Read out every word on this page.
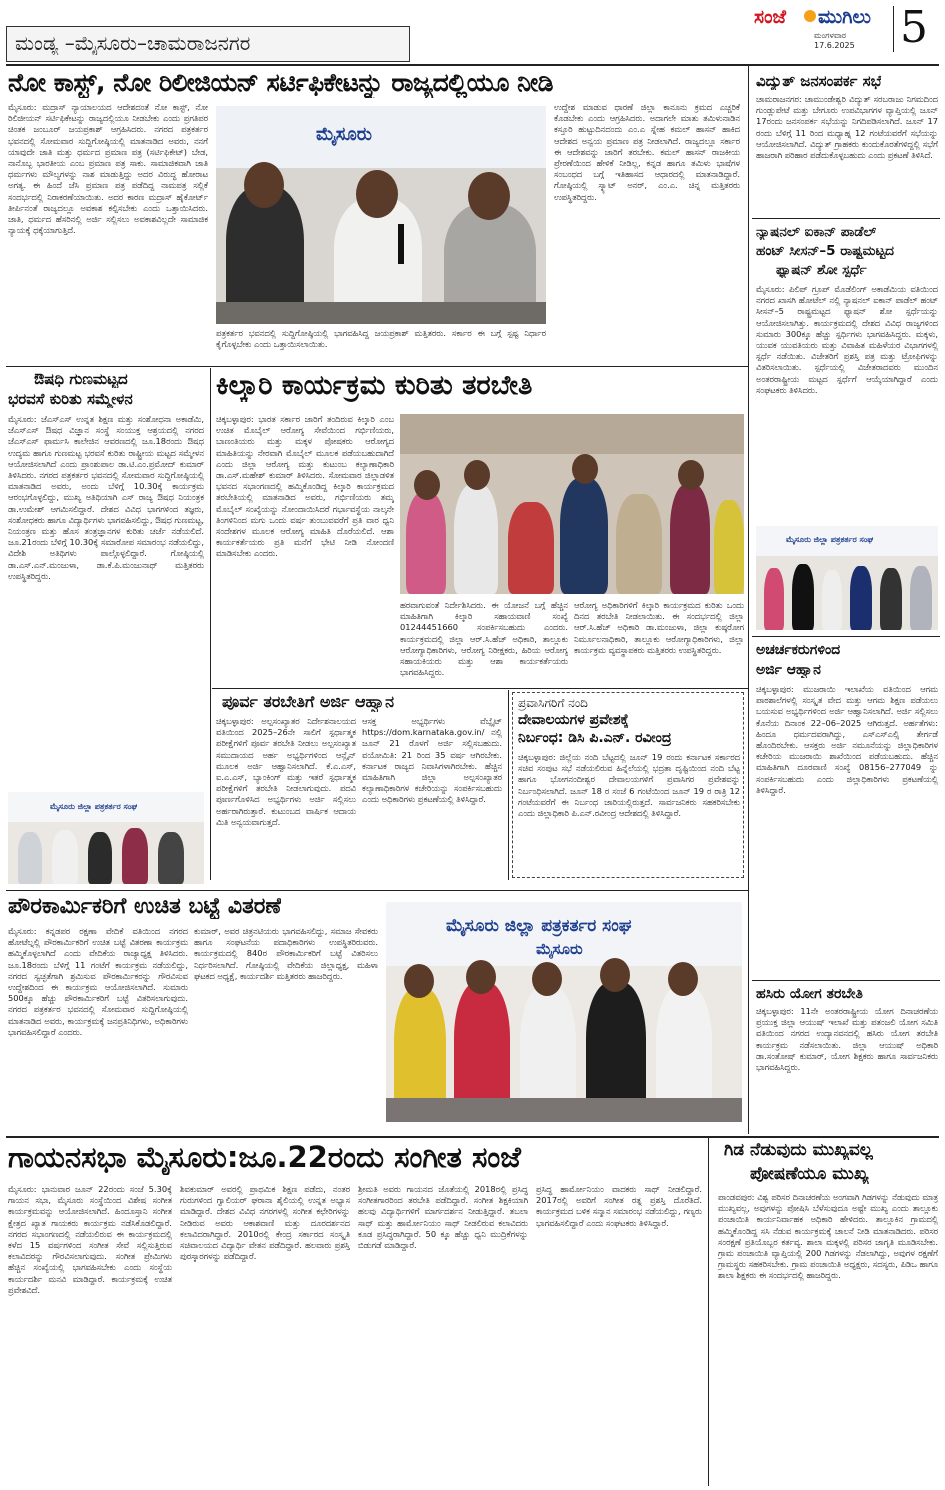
ಮಂಡ್ಯ –ಮೈಸೂರು–ಚಾಮರಾಜನಗರ
ಸಂಜೆ ಮುಗಿಲು
ಮಂಗಳವಾರ
17.6.2025 5
ನೋ ಕಾಸ್ಟ್, ನೋ ರಿಲೀಜಿಯನ್ ಸರ್ಟಿಫಿಕೇಟನ್ನು ರಾಜ್ಯದಲ್ಲಿಯೂ ನೀಡಿ
ಮೈಸೂರು: ಮದ್ರಾಸ್ ನ್ಯಾಯಾಲಯದ ಆದೇಶದಂತೆ ನೋ ಕಾಸ್ಟ್, ನೋ ರಿಲಿಜೀಯನ್ ಸರ್ಟಿಫಿಕೇಟನ್ನು ರಾಜ್ಯದಲ್ಲಿಯೂ ನೀಡಬೇಕು ಎಂದು ಪ್ರಗತಿಪರ ಚಿಂತಕ ಜಂಬೂರ್ ಜಯಪ್ರಕಾಶ್ ಆಗ್ರಹಿಸಿದರು. ನಗರದ ಪತ್ರಕರ್ತರ ಭವನದಲ್ಲಿ ಸೋಮವಾರ ಸುದ್ದಿಗೋಷ್ಠಿಯಲ್ಲಿ ಮಾತನಾಡಿದ ಅವರು, ನನಗೆ ಯಾವುದೇ ಜಾತಿ ಮತ್ತು ಧರ್ಮದ ಪ್ರಮಾಣ ಪತ್ರ (ಸರ್ಟಿಫಿಕೇಟ್) ಬೇಡ, ನಾನೊಬ್ಬ ಭಾರತೀಯ ಎಂಬ ಪ್ರಮಾಣ ಪತ್ರ ಸಾಕು. ಸಾಮಾಜಿಕವಾಗಿ ಜಾತಿ ಧರ್ಮಗಳು ಮೌಲ್ಯಗಳನ್ನು ನಾಶ ಮಾಡುತ್ತಿದ್ದು ಅದರ ವಿರುದ್ಧ ಹೋರಾಟ ಅಗತ್ಯ. ಈ ಹಿಂದೆ ಜೆಸಿ ಪ್ರಮಾಣ ಪತ್ರ ಪಡೆದಿದ್ದ ನಾಮಪತ್ರ ಸಲ್ಲಿಕೆ ಸಂದರ್ಭದಲ್ಲಿ ನಿರಾಕರಣೆಯಾಯಿತು. ಅದರ ಕಾರಣ ಮದ್ರಾಸ್ ಹೈಕೋರ್ಟ್ ತೀರ್ಪಿನಂತೆ ರಾಜ್ಯದಲ್ಲೂ ಅವಕಾಶ ಕಲ್ಪಿಸಬೇಕು ಎಂದು ಒತ್ತಾಯಿಸಿದರು. ಜಾತಿ, ಧರ್ಮದ ಹೆಸರಿನಲ್ಲಿ ಅರ್ಜಿ ಸಲ್ಲಿಸಲು ಅವಕಾಶವಿಲ್ಲದೇ ಸಾಮಾಜಿಕ ನ್ಯಾಯಕ್ಕೆ ಧಕ್ಕೆಯಾಗುತ್ತಿದೆ.
ಮೈಸೂರು
ಪತ್ರಕರ್ತರ ಭವನದಲ್ಲಿ ಸುದ್ದಿಗೋಷ್ಠಿಯಲ್ಲಿ ಭಾಗವಹಿಸಿದ್ದ ಜಯಪ್ರಕಾಶ್ ಮತ್ತಿತರರು. ಸರ್ಕಾರ ಈ ಬಗ್ಗೆ ಸ್ಪಷ್ಟ ನಿರ್ಧಾರ ಕೈಗೊಳ್ಳಬೇಕು ಎಂದು ಒತ್ತಾಯಿಸಲಾಯಿತು.
ಉದ್ದೇಶ ಮಾಡುವ ಧಾರಣೆ ಜಿಲ್ಲಾ ಕಾನೂನು ಕ್ರಮದ ಎಚ್ಚರಿಕೆ ಕೊಡಬೇಕು ಎಂದು ಆಗ್ರಹಿಸಿದರು. ಅದಾಗಲೇ ಮಾತು ತಮಿಳುನಾಡಿನ ಕಸ್ತೂರಿ ಹುಟ್ಟುದಿನದಂದು ಎಂ.ಎ ಸ್ನೇಹ ಕಮಲ್ ಹಾಸನ್ ಹಾಕಿದ ಆದೇಶದ ಅನ್ವಯ ಪ್ರಮಾಣ ಪತ್ರ ನೀಡಲಾಗಿದೆ. ರಾಜ್ಯದಲ್ಲೂ ಸರ್ಕಾರ ಈ ಆದೇಶವನ್ನು ಜಾರಿಗೆ ತರಬೇಕು. ಕಮಲ್ ಹಾಸನ್ ರಾಜಕೀಯ ಪ್ರೇರಣೆಯಿಂದ ಹೇಳಿಕೆ ನೀಡಿಲ್ಲ, ಕನ್ನಡ ಹಾಗೂ ತಮಿಳು ಭಾಷೆಗಳ ಸಂಬಂಧದ ಬಗ್ಗೆ ಇತಿಹಾಸದ ಆಧಾರದಲ್ಲಿ ಮಾತನಾಡಿದ್ದಾರೆ. ಗೋಷ್ಠಿಯಲ್ಲಿ ಸ್ಕ್ಯಾಟ್ ಅನರ್, ಎಂ.ಎ. ಚಿನ್ನ ಮತ್ತಿತರರು ಉಪಸ್ಥಿತರಿದ್ದರು.
ವಿದ್ಯುತ್ ಜನಸಂಪರ್ಕ ಸಭೆ
ಚಾಮರಾಜನಗರ: ಚಾಮುಂಡೇಶ್ವರಿ ವಿದ್ಯುತ್ ಸರಬರಾಜು ನಿಗಮದಿಂದ ಗುಂಡ್ಲುಪೇಟೆ ಮತ್ತು ಬೇಗೂರು ಉಪವಿಭಾಗಗಳ ವ್ಯಾಪ್ತಿಯಲ್ಲಿ ಜೂನ್ 17ರಂದು ಜನಸಂಪರ್ಕ ಸಭೆಯನ್ನು ನಿಗದಿಪಡಿಸಲಾಗಿದೆ. ಜೂನ್ 17 ರಂದು ಬೆಳಿಗ್ಗೆ 11 ರಿಂದ ಮಧ್ಯಾಹ್ನ 12 ಗಂಟೆಯವರೆಗೆ ಸಭೆಯನ್ನು ಆಯೋಜಿಸಲಾಗಿದೆ. ವಿದ್ಯುತ್ ಗ್ರಾಹಕರು ಕುಂದುಕೊರತೆಗಳಿದ್ದಲ್ಲಿ ಸಭೆಗೆ ಹಾಜರಾಗಿ ಪರಿಹಾರ ಪಡೆದುಕೊಳ್ಳಬಹುದು ಎಂದು ಪ್ರಕಟಣೆ ತಿಳಿಸಿದೆ.
ನ್ಯಾಷನಲ್ ಐಕಾನ್ ಪಾಡೆಲ್
ಹಂಟ್ ಸೀಸನ್–5 ರಾಷ್ಟ್ರಮಟ್ಟದ
ಫ್ಯಾಷನ್ ಶೋ ಸ್ಪರ್ಧೆ
ಮೈಸೂರು: ಪಿಲಿಪ್ ಗ್ರೂಪ್ ಮೊಡೆಲಿಂಗ್ ಅಕಾಡೆಮಿಯ ವತಿಯಿಂದ ನಗರದ ಖಾಸಗಿ ಹೋಟೆಲ್ ನಲ್ಲಿ ನ್ಯಾಷನಲ್ ಐಕಾನ್ ಪಾಡೆಲ್ ಹಂಟ್ ಸೀಸನ್–5 ರಾಷ್ಟ್ರಮಟ್ಟದ ಫ್ಯಾಷನ್ ಶೋ ಸ್ಪರ್ಧೆಯನ್ನು ಆಯೋಜಿಸಲಾಗಿತ್ತು. ಕಾರ್ಯಕ್ರಮದಲ್ಲಿ ದೇಶದ ವಿವಿಧ ರಾಜ್ಯಗಳಿಂದ ಸುಮಾರು 300ಕ್ಕೂ ಹೆಚ್ಚು ಸ್ಪರ್ಧಿಗಳು ಭಾಗವಹಿಸಿದ್ದರು. ಮಕ್ಕಳು, ಯುವಕ ಯುವತಿಯರು ಮತ್ತು ವಿವಾಹಿತ ಮಹಿಳೆಯರ ವಿಭಾಗಗಳಲ್ಲಿ ಸ್ಪರ್ಧೆ ನಡೆಯಿತು. ವಿಜೇತರಿಗೆ ಪ್ರಶಸ್ತಿ ಪತ್ರ ಮತ್ತು ಟ್ರೋಫಿಗಳನ್ನು ವಿತರಿಸಲಾಯಿತು. ಸ್ಪರ್ಧೆಯಲ್ಲಿ ವಿಜೇತರಾದವರು ಮುಂದಿನ ಅಂತರರಾಷ್ಟ್ರೀಯ ಮಟ್ಟದ ಸ್ಪರ್ಧೆಗೆ ಆಯ್ಕೆಯಾಗಿದ್ದಾರೆ ಎಂದು ಸಂಘಟಕರು ತಿಳಿಸಿದರು.
ಮೈಸೂರು ಜಿಲ್ಲಾ ಪತ್ರಕರ್ತರ ಸಂಘ
ಅಚರ್ಚಕರುಗಳಿಂದ
ಅರ್ಜಿ ಆಹ್ವಾನ
ಚಿಕ್ಕಬಳ್ಳಾಪುರ: ಮುಜರಾಯಿ ಇಲಾಖೆಯ ವತಿಯಿಂದ ಆಗಮ ಪಾಠಶಾಲೆಗಳಲ್ಲಿ ಸಂಸ್ಕೃತ ವೇದ ಮತ್ತು ಆಗಮ ಶಿಕ್ಷಣ ಪಡೆಯಲು ಬಯಸುವ ಅಭ್ಯರ್ಥಿಗಳಿಂದ ಅರ್ಜಿ ಆಹ್ವಾನಿಸಲಾಗಿದೆ. ಅರ್ಜಿ ಸಲ್ಲಿಸಲು ಕೊನೆಯ ದಿನಾಂಕ 22–06–2025 ಆಗಿರುತ್ತದೆ. ಅರ್ಹತೆಗಳು: ಹಿಂದೂ ಧರ್ಮದವರಾಗಿದ್ದು, ಎಸ್ಎಸ್ಎಲ್ಸಿ ತೇರ್ಗಡೆ ಹೊಂದಿರಬೇಕು. ಆಸಕ್ತರು ಅರ್ಜಿ ನಮೂನೆಯನ್ನು ಜಿಲ್ಲಾಧಿಕಾರಿಗಳ ಕಚೇರಿಯ ಮುಜರಾಯಿ ಶಾಖೆಯಿಂದ ಪಡೆಯಬಹುದು. ಹೆಚ್ಚಿನ ಮಾಹಿತಿಗಾಗಿ ದೂರವಾಣಿ ಸಂಖ್ಯೆ 08156–277049 ನ್ನು ಸಂಪರ್ಕಿಸಬಹುದು ಎಂದು ಜಿಲ್ಲಾಧಿಕಾರಿಗಳು ಪ್ರಕಟಣೆಯಲ್ಲಿ ತಿಳಿಸಿದ್ದಾರೆ.
ಹಸಿರು ಯೋಗ ತರಬೇತಿ
ಚಿಕ್ಕಬಳ್ಳಾಪುರ: 11ನೇ ಅಂತರರಾಷ್ಟ್ರೀಯ ಯೋಗ ದಿನಾಚರಣೆಯ ಪ್ರಯುಕ್ತ ಜಿಲ್ಲಾ ಆಯುಷ್ ಇಲಾಖೆ ಮತ್ತು ಪತಂಜಲಿ ಯೋಗ ಸಮಿತಿ ವತಿಯಿಂದ ನಗರದ ಉದ್ಯಾನವನದಲ್ಲಿ ಹಸಿರು ಯೋಗ ತರಬೇತಿ ಕಾರ್ಯಕ್ರಮ ನಡೆಸಲಾಯಿತು. ಜಿಲ್ಲಾ ಆಯುಷ್ ಅಧಿಕಾರಿ ಡಾ.ಸಂತೋಷ್ ಕುಮಾರ್, ಯೋಗ ಶಿಕ್ಷಕರು ಹಾಗೂ ಸಾರ್ವಜನಿಕರು ಭಾಗವಹಿಸಿದ್ದರು.
ಔಷಧಿ ಗುಣಮಟ್ಟದ
ಭರವಸೆ ಕುರಿತು ಸಮ್ಮೇಳನ
ಮೈಸೂರು: ಜೆಎಸ್ಎಸ್ ಉನ್ನತ ಶಿಕ್ಷಣ ಮತ್ತು ಸಂಶೋಧನಾ ಅಕಾಡೆಮಿ, ಜೆಎಸ್ಎಸ್ ಔಷಧ ವಿಜ್ಞಾನ ಸಂಸ್ಥೆ ಸಂಯುಕ್ತ ಆಶ್ರಯದಲ್ಲಿ ನಗರದ ಜೆಎಸ್ಎಸ್ ಫಾರ್ಮಸಿ ಕಾಲೇಜಿನ ಆವರಣದಲ್ಲಿ ಜೂ.18ರಂದು ಔಷಧ ಉದ್ಯಮ ಹಾಗೂ ಗುಣಮಟ್ಟ ಭರವಸೆ ಕುರಿತು ರಾಷ್ಟ್ರೀಯ ಮಟ್ಟದ ಸಮ್ಮೇಳನ ಆಯೋಜಿಸಲಾಗಿದೆ ಎಂದು ಪ್ರಾಂಶುಪಾಲ ಡಾ.ಟಿ.ಎಂ.ಪ್ರಮೋದ್ ಕುಮಾರ್ ತಿಳಿಸಿದರು. ನಗರದ ಪತ್ರಕರ್ತರ ಭವನದಲ್ಲಿ ಸೋಮವಾರ ಸುದ್ದಿಗೋಷ್ಠಿಯಲ್ಲಿ ಮಾತನಾಡಿದ ಅವರು, ಅಂದು ಬೆಳಿಗ್ಗೆ 10.30ಕ್ಕೆ ಕಾರ್ಯಕ್ರಮ ಆರಂಭಗೊಳ್ಳಲಿದ್ದು, ಮುಖ್ಯ ಅತಿಥಿಯಾಗಿ ಎಸ್ ರಾಜ್ಯ ಔಷಧ ನಿಯಂತ್ರಕ ಡಾ.ಉಮೇಶ್ ಆಗಮಿಸಲಿದ್ದಾರೆ. ದೇಶದ ವಿವಿಧ ಭಾಗಗಳಿಂದ ತಜ್ಞರು, ಸಂಶೋಧಕರು ಹಾಗೂ ವಿದ್ಯಾರ್ಥಿಗಳು ಭಾಗವಹಿಸಲಿದ್ದು, ಔಷಧ ಗುಣಮಟ್ಟ, ನಿಯಂತ್ರಣ ಮತ್ತು ಹೊಸ ತಂತ್ರಜ್ಞಾನಗಳ ಕುರಿತು ಚರ್ಚೆ ನಡೆಯಲಿದೆ. ಜೂ.21ರಂದು ಬೆಳಿಗ್ಗೆ 10.30ಕ್ಕೆ ಸಮಾರೋಪ ಸಮಾರಂಭ ನಡೆಯಲಿದ್ದು, ವಿದೇಶಿ ಅತಿಥಿಗಳು ಪಾಲ್ಗೊಳ್ಳಲಿದ್ದಾರೆ. ಗೋಷ್ಠಿಯಲ್ಲಿ ಡಾ.ಎಸ್.ಎನ್.ಮಂಜುಳಾ, ಡಾ.ಕೆ.ಪಿ.ಮಂಜುನಾಥ್ ಮತ್ತಿತರರು ಉಪಸ್ಥಿತರಿದ್ದರು.
ಮೈಸೂರು ಜಿಲ್ಲಾ ಪತ್ರಕರ್ತರ ಸಂಘ
ಕಿಲ್ಕಾರಿ ಕಾರ್ಯಕ್ರಮ ಕುರಿತು ತರಬೇತಿ
ಚಿಕ್ಕಬಳ್ಳಾಪುರ: ಭಾರತ ಸರ್ಕಾರ ಜಾರಿಗೆ ತಂದಿರುವ ಕಿಲ್ಕಾರಿ ಎಂಬ ಉಚಿತ ಮೊಬೈಲ್ ಆರೋಗ್ಯ ಸೇವೆಯಿಂದ ಗರ್ಭಿಣಿಯರು, ಬಾಣಂತಿಯರು ಮತ್ತು ಮಕ್ಕಳ ಪೋಷಕರು ಆರೋಗ್ಯದ ಮಾಹಿತಿಯನ್ನು ನೇರವಾಗಿ ಮೊಬೈಲ್ ಮೂಲಕ ಪಡೆಯಬಹುದಾಗಿದೆ ಎಂದು ಜಿಲ್ಲಾ ಆರೋಗ್ಯ ಮತ್ತು ಕುಟುಂಬ ಕಲ್ಯಾಣಾಧಿಕಾರಿ ಡಾ.ಎಸ್.ಮಹೇಶ್ ಕುಮಾರ್ ತಿಳಿಸಿದರು. ಸೋಮವಾರ ಜಿಲ್ಲಾಡಳಿತ ಭವನದ ಸಭಾಂಗಣದಲ್ಲಿ ಹಮ್ಮಿಕೊಂಡಿದ್ದ ಕಿಲ್ಕಾರಿ ಕಾರ್ಯಕ್ರಮದ ತರಬೇತಿಯಲ್ಲಿ ಮಾತನಾಡಿದ ಅವರು, ಗರ್ಭಿಣಿಯರು ತಮ್ಮ ಮೊಬೈಲ್ ಸಂಖ್ಯೆಯನ್ನು ನೋಂದಾಯಿಸಿದರೆ ಗರ್ಭಾವಸ್ಥೆಯ ನಾಲ್ಕನೇ ತಿಂಗಳಿನಿಂದ ಮಗು ಒಂದು ವರ್ಷ ತುಂಬುವವರೆಗೆ ಪ್ರತಿ ವಾರ ಧ್ವನಿ ಸಂದೇಶಗಳ ಮೂಲಕ ಆರೋಗ್ಯ ಮಾಹಿತಿ ದೊರೆಯಲಿದೆ. ಆಶಾ ಕಾರ್ಯಕರ್ತೆಯರು ಪ್ರತಿ ಮನೆಗೆ ಭೇಟಿ ನೀಡಿ ನೋಂದಣಿ ಮಾಡಿಸಬೇಕು ಎಂದರು.
ಹರವಾಗುವಂತೆ ನಿರ್ದೇಶಿಸಿದರು. ಈ ಯೋಜನೆ ಬಗ್ಗೆ ಹೆಚ್ಚಿನ ಮಾಹಿತಿಗಾಗಿ ಕಿಲ್ಕಾರಿ ಸಹಾಯವಾಣಿ ಸಂಖ್ಯೆ 01244451660 ಸಂಪರ್ಕಿಸಬಹುದು ಎಂದರು. ಕಾರ್ಯಕ್ರಮದಲ್ಲಿ ಜಿಲ್ಲಾ ಆರ್.ಸಿ.ಹೆಚ್ ಅಧಿಕಾರಿ, ತಾಲ್ಲೂಕು ಆರೋಗ್ಯಾಧಿಕಾರಿಗಳು, ಆರೋಗ್ಯ ನಿರೀಕ್ಷಕರು, ಹಿರಿಯ ಆರೋಗ್ಯ ಸಹಾಯಕಿಯರು ಮತ್ತು ಆಶಾ ಕಾರ್ಯಕರ್ತೆಯರು ಭಾಗವಹಿಸಿದ್ದರು.
ಆರೋಗ್ಯ ಅಧಿಕಾರಿಗಳಿಗೆ ಕಿಲ್ಕಾರಿ ಕಾರ್ಯಕ್ರಮದ ಕುರಿತು ಒಂದು ದಿನದ ತರಬೇತಿ ನೀಡಲಾಯಿತು. ಈ ಸಂದರ್ಭದಲ್ಲಿ ಜಿಲ್ಲಾ ಆರ್.ಸಿ.ಹೆಚ್ ಅಧಿಕಾರಿ ಡಾ.ಮಂಜುಳಾ, ಜಿಲ್ಲಾ ಕುಷ್ಠರೋಗ ನಿರ್ಮೂಲನಾಧಿಕಾರಿ, ತಾಲ್ಲೂಕು ಆರೋಗ್ಯಾಧಿಕಾರಿಗಳು, ಜಿಲ್ಲಾ ಕಾರ್ಯಕ್ರಮ ವ್ಯವಸ್ಥಾಪಕರು ಮತ್ತಿತರರು ಉಪಸ್ಥಿತರಿದ್ದರು.
ಪೂರ್ವ ತರಬೇತಿಗೆ ಅರ್ಜಿ ಆಹ್ವಾನ
ಚಿಕ್ಕಬಳ್ಳಾಪುರ: ಅಲ್ಪಸಂಖ್ಯಾತರ ನಿರ್ದೇಶನಾಲಯದ ವತಿಯಿಂದ 2025–26ನೇ ಸಾಲಿಗೆ ಸ್ಪರ್ಧಾತ್ಮಕ ಪರೀಕ್ಷೆಗಳಿಗೆ ಪೂರ್ವ ತರಬೇತಿ ನೀಡಲು ಅಲ್ಪಸಂಖ್ಯಾತ ಸಮುದಾಯದ ಅರ್ಹ ಅಭ್ಯರ್ಥಿಗಳಿಂದ ಆನ್ಲೈನ್ ಮೂಲಕ ಅರ್ಜಿ ಆಹ್ವಾನಿಸಲಾಗಿದೆ. ಕೆ.ಎ.ಎಸ್, ಐ.ಎ.ಎಸ್, ಬ್ಯಾಂಕಿಂಗ್ ಮತ್ತು ಇತರೆ ಸ್ಪರ್ಧಾತ್ಮಕ ಪರೀಕ್ಷೆಗಳಿಗೆ ತರಬೇತಿ ನೀಡಲಾಗುವುದು. ಪದವಿ ಪೂರ್ಣಗೊಳಿಸಿದ ಅಭ್ಯರ್ಥಿಗಳು ಅರ್ಜಿ ಸಲ್ಲಿಸಲು ಅರ್ಹರಾಗಿರುತ್ತಾರೆ. ಕುಟುಂಬದ ವಾರ್ಷಿಕ ಆದಾಯ ಮಿತಿ ಅನ್ವಯವಾಗುತ್ತದೆ.
ಆಸಕ್ತ ಅಭ್ಯರ್ಥಿಗಳು ವೆಬ್ಸೈಟ್ https://dom.karnataka.gov.in/ ನಲ್ಲಿ ಜೂನ್ 21 ರೊಳಗೆ ಅರ್ಜಿ ಸಲ್ಲಿಸಬಹುದು. ವಯೋಮಿತಿ: 21 ರಿಂದ 35 ವರ್ಷ ಆಗಿರಬೇಕು. ಕರ್ನಾಟಕ ರಾಜ್ಯದ ನಿವಾಸಿಗಳಾಗಿರಬೇಕು. ಹೆಚ್ಚಿನ ಮಾಹಿತಿಗಾಗಿ ಜಿಲ್ಲಾ ಅಲ್ಪಸಂಖ್ಯಾತರ ಕಲ್ಯಾಣಾಧಿಕಾರಿಗಳ ಕಚೇರಿಯನ್ನು ಸಂಪರ್ಕಿಸಬಹುದು ಎಂದು ಅಧಿಕಾರಿಗಳು ಪ್ರಕಟಣೆಯಲ್ಲಿ ತಿಳಿಸಿದ್ದಾರೆ.
ಪ್ರವಾಸಿಗರಿಗೆ ನಂದಿ
ದೇವಾಲಯಗಳ ಪ್ರವೇಶಕ್ಕೆ
ನಿರ್ಬಂಧ: ಡಿಸಿ ಪಿ.ಎನ್. ರವೀಂದ್ರ
ಚಿಕ್ಕಬಳ್ಳಾಪುರ: ಜಿಲ್ಲೆಯ ನಂದಿ ಬೆಟ್ಟದಲ್ಲಿ ಜೂನ್ 19 ರಂದು ಕರ್ನಾಟಕ ಸರ್ಕಾರದ ಸಚಿವ ಸಂಪುಟ ಸಭೆ ನಡೆಯಲಿರುವ ಹಿನ್ನೆಲೆಯಲ್ಲಿ ಭದ್ರತಾ ದೃಷ್ಟಿಯಿಂದ ನಂದಿ ಬೆಟ್ಟ ಹಾಗೂ ಭೋಗನಂದೀಶ್ವರ ದೇವಾಲಯಗಳಿಗೆ ಪ್ರವಾಸಿಗರ ಪ್ರವೇಶವನ್ನು ನಿರ್ಬಂಧಿಸಲಾಗಿದೆ. ಜೂನ್ 18 ರ ಸಂಜೆ 6 ಗಂಟೆಯಿಂದ ಜೂನ್ 19 ರ ರಾತ್ರಿ 12 ಗಂಟೆಯವರೆಗೆ ಈ ನಿರ್ಬಂಧ ಜಾರಿಯಲ್ಲಿರುತ್ತದೆ. ಸಾರ್ವಜನಿಕರು ಸಹಕರಿಸಬೇಕು ಎಂದು ಜಿಲ್ಲಾಧಿಕಾರಿ ಪಿ.ಎನ್.ರವೀಂದ್ರ ಆದೇಶದಲ್ಲಿ ತಿಳಿಸಿದ್ದಾರೆ.
ಪೌರಕಾರ್ಮಿಕರಿಗೆ ಉಚಿತ ಬಟ್ಟೆ ವಿತರಣೆ
ಮೈಸೂರು: ಕನ್ನಡಪರ ರಕ್ಷಣಾ ವೇದಿಕೆ ವತಿಯಿಂದ ನಗರದ ಹೋಟೆಲ್ನಲ್ಲಿ ಪೌರಕಾರ್ಮಿಕರಿಗೆ ಉಚಿತ ಬಟ್ಟೆ ವಿತರಣಾ ಕಾರ್ಯಕ್ರಮ ಹಮ್ಮಿಕೊಳ್ಳಲಾಗಿದೆ ಎಂದು ವೇದಿಕೆಯ ರಾಜ್ಯಾಧ್ಯಕ್ಷ ತಿಳಿಸಿದರು. ಜೂ.18ರಂದು ಬೆಳಿಗ್ಗೆ 11 ಗಂಟೆಗೆ ಕಾರ್ಯಕ್ರಮ ನಡೆಯಲಿದ್ದು, ನಗರದ ಸ್ವಚ್ಛತೆಗಾಗಿ ಶ್ರಮಿಸುವ ಪೌರಕಾರ್ಮಿಕರನ್ನು ಗೌರವಿಸುವ ಉದ್ದೇಶದಿಂದ ಈ ಕಾರ್ಯಕ್ರಮ ಆಯೋಜಿಸಲಾಗಿದೆ. ಸುಮಾರು 500ಕ್ಕೂ ಹೆಚ್ಚು ಪೌರಕಾರ್ಮಿಕರಿಗೆ ಬಟ್ಟೆ ವಿತರಿಸಲಾಗುವುದು. ನಗರದ ಪತ್ರಕರ್ತರ ಭವನದಲ್ಲಿ ಸೋಮವಾರ ಸುದ್ದಿಗೋಷ್ಠಿಯಲ್ಲಿ ಮಾತನಾಡಿದ ಅವರು, ಕಾರ್ಯಕ್ರಮಕ್ಕೆ ಜನಪ್ರತಿನಿಧಿಗಳು, ಅಧಿಕಾರಿಗಳು ಭಾಗವಹಿಸಲಿದ್ದಾರೆ ಎಂದರು.
ಕುಮಾರ್, ಅವರ ಚಿತ್ರನಟಿಯರು ಭಾಗವಹಿಸಲಿದ್ದು, ಸಮಾಜ ಸೇವಕರು ಹಾಗೂ ಸಂಘಟನೆಯ ಪದಾಧಿಕಾರಿಗಳು ಉಪಸ್ಥಿತರಿರುವರು. ಕಾರ್ಯಕ್ರಮದಲ್ಲಿ 840ರ ಪೌರಕಾರ್ಮಿಕರಿಗೆ ಬಟ್ಟೆ ವಿತರಿಸಲು ನಿರ್ಧರಿಸಲಾಗಿದೆ. ಗೋಷ್ಠಿಯಲ್ಲಿ ವೇದಿಕೆಯ ಜಿಲ್ಲಾಧ್ಯಕ್ಷ, ಮಹಿಳಾ ಘಟಕದ ಅಧ್ಯಕ್ಷೆ, ಕಾರ್ಯದರ್ಶಿ ಮತ್ತಿತರರು ಹಾಜರಿದ್ದರು.
ಮೈಸೂರು ಜಿಲ್ಲಾ ಪತ್ರಕರ್ತರ ಸಂಘ
ಮೈಸೂರು
ಗಾಯನಸಭಾ ಮೈಸೂರು:ಜೂ.22ರಂದು ಸಂಗೀತ ಸಂಜೆ
ಮೈಸೂರು: ಭಾನುವಾರ ಜೂನ್ 22ರಂದು ಸಂಜೆ 5.30ಕ್ಕೆ ಗಾಯನ ಸಭಾ, ಮೈಸೂರು ಸಂಸ್ಥೆಯಿಂದ ವಿಶೇಷ ಸಂಗೀತ ಕಾರ್ಯಕ್ರಮವನ್ನು ಆಯೋಜಿಸಲಾಗಿದೆ. ಹಿಂದೂಸ್ತಾನಿ ಸಂಗೀತ ಕ್ಷೇತ್ರದ ಖ್ಯಾತ ಗಾಯಕರು ಕಾರ್ಯಕ್ರಮ ನಡೆಸಿಕೊಡಲಿದ್ದಾರೆ. ನಗರದ ಸಭಾಂಗಣದಲ್ಲಿ ನಡೆಯಲಿರುವ ಈ ಕಾರ್ಯಕ್ರಮದಲ್ಲಿ ಕಳೆದ 15 ವರ್ಷಗಳಿಂದ ಸಂಗೀತ ಸೇವೆ ಸಲ್ಲಿಸುತ್ತಿರುವ ಕಲಾವಿದರನ್ನು ಗೌರವಿಸಲಾಗುವುದು. ಸಂಗೀತ ಪ್ರೇಮಿಗಳು ಹೆಚ್ಚಿನ ಸಂಖ್ಯೆಯಲ್ಲಿ ಭಾಗವಹಿಸಬೇಕು ಎಂದು ಸಂಸ್ಥೆಯ ಕಾರ್ಯದರ್ಶಿ ಮನವಿ ಮಾಡಿದ್ದಾರೆ. ಕಾರ್ಯಕ್ರಮಕ್ಕೆ ಉಚಿತ ಪ್ರವೇಶವಿದೆ.
ಶಿವಕುಮಾರ್ ಅವರಲ್ಲಿ ಪ್ರಾಥಮಿಕ ಶಿಕ್ಷಣ ಪಡೆದು, ನಂತರ ಗುರುಗಳಿಂದ ಗ್ವಾಲಿಯರ್ ಘರಾನಾ ಶೈಲಿಯಲ್ಲಿ ಉನ್ನತ ಅಭ್ಯಾಸ ಮಾಡಿದ್ದಾರೆ. ದೇಶದ ವಿವಿಧ ನಗರಗಳಲ್ಲಿ ಸಂಗೀತ ಕಛೇರಿಗಳನ್ನು ನೀಡಿರುವ ಅವರು ಆಕಾಶವಾಣಿ ಮತ್ತು ದೂರದರ್ಶನದ ಕಲಾವಿದರಾಗಿದ್ದಾರೆ. 2010ರಲ್ಲಿ ಕೇಂದ್ರ ಸರ್ಕಾರದ ಸಂಸ್ಕೃತಿ ಸಚಿವಾಲಯದ ವಿದ್ಯಾರ್ಥಿ ವೇತನ ಪಡೆದಿದ್ದಾರೆ. ಹಲವಾರು ಪ್ರಶಸ್ತಿ ಪುರಸ್ಕಾರಗಳನ್ನು ಪಡೆದಿದ್ದಾರೆ.
ಶ್ರೀಮತಿ ಅವರು ಗಾಯನದ ಜೊತೆಯಲ್ಲಿ 2018ರಲ್ಲಿ ಪ್ರಸಿದ್ಧ ಸಂಗೀತಗಾರರಿಂದ ತರಬೇತಿ ಪಡೆದಿದ್ದಾರೆ. ಸಂಗೀತ ಶಿಕ್ಷಕಿಯಾಗಿ ಹಲವು ವಿದ್ಯಾರ್ಥಿಗಳಿಗೆ ಮಾರ್ಗದರ್ಶನ ನೀಡುತ್ತಿದ್ದಾರೆ. ತಬಲಾ ಸಾಥ್ ಮತ್ತು ಹಾರ್ಮೋನಿಯಂ ಸಾಥ್ ನೀಡಲಿರುವ ಕಲಾವಿದರು ಕೂಡ ಪ್ರಸಿದ್ಧರಾಗಿದ್ದಾರೆ. 50 ಕ್ಕೂ ಹೆಚ್ಚು ಧ್ವನಿ ಮುದ್ರಿಕೆಗಳನ್ನು ಬಿಡುಗಡೆ ಮಾಡಿದ್ದಾರೆ.
ಪ್ರಸಿದ್ಧ ಹಾರ್ಮೋನಿಯಂ ವಾದಕರು ಸಾಥ್ ನೀಡಲಿದ್ದಾರೆ. 2017ರಲ್ಲಿ ಅವರಿಗೆ ಸಂಗೀತ ರತ್ನ ಪ್ರಶಸ್ತಿ ದೊರೆತಿದೆ. ಕಾರ್ಯಕ್ರಮದ ಬಳಿಕ ಸನ್ಮಾನ ಸಮಾರಂಭ ನಡೆಯಲಿದ್ದು, ಗಣ್ಯರು ಭಾಗವಹಿಸಲಿದ್ದಾರೆ ಎಂದು ಸಂಘಟಕರು ತಿಳಿಸಿದ್ದಾರೆ.
ಗಿಡ ನೆಡುವುದು ಮುಖ್ಯವಲ್ಲ
ಪೋಷಣೆಯೂ ಮುಖ್ಯ
ಪಾಂಡವಪುರ: ವಿಶ್ವ ಪರಿಸರ ದಿನಾಚರಣೆಯ ಅಂಗವಾಗಿ ಗಿಡಗಳನ್ನು ನೆಡುವುದು ಮಾತ್ರ ಮುಖ್ಯವಲ್ಲ, ಅವುಗಳನ್ನು ಪೋಷಿಸಿ ಬೆಳೆಸುವುದೂ ಅಷ್ಟೇ ಮುಖ್ಯ ಎಂದು ತಾಲ್ಲೂಕು ಪಂಚಾಯಿತಿ ಕಾರ್ಯನಿರ್ವಾಹಕ ಅಧಿಕಾರಿ ಹೇಳಿದರು. ತಾಲ್ಲೂಕಿನ ಗ್ರಾಮದಲ್ಲಿ ಹಮ್ಮಿಕೊಂಡಿದ್ದ ಸಸಿ ನೆಡುವ ಕಾರ್ಯಕ್ರಮಕ್ಕೆ ಚಾಲನೆ ನೀಡಿ ಮಾತನಾಡಿದರು. ಪರಿಸರ ಸಂರಕ್ಷಣೆ ಪ್ರತಿಯೊಬ್ಬರ ಕರ್ತವ್ಯ. ಶಾಲಾ ಮಕ್ಕಳಲ್ಲಿ ಪರಿಸರ ಜಾಗೃತಿ ಮೂಡಿಸಬೇಕು. ಗ್ರಾಮ ಪಂಚಾಯಿತಿ ವ್ಯಾಪ್ತಿಯಲ್ಲಿ 200 ಗಿಡಗಳನ್ನು ನೆಡಲಾಗಿದ್ದು, ಅವುಗಳ ರಕ್ಷಣೆಗೆ ಗ್ರಾಮಸ್ಥರು ಸಹಕರಿಸಬೇಕು. ಗ್ರಾಮ ಪಂಚಾಯಿತಿ ಅಧ್ಯಕ್ಷರು, ಸದಸ್ಯರು, ಪಿಡಿಒ ಹಾಗೂ ಶಾಲಾ ಶಿಕ್ಷಕರು ಈ ಸಂದರ್ಭದಲ್ಲಿ ಹಾಜರಿದ್ದರು.
